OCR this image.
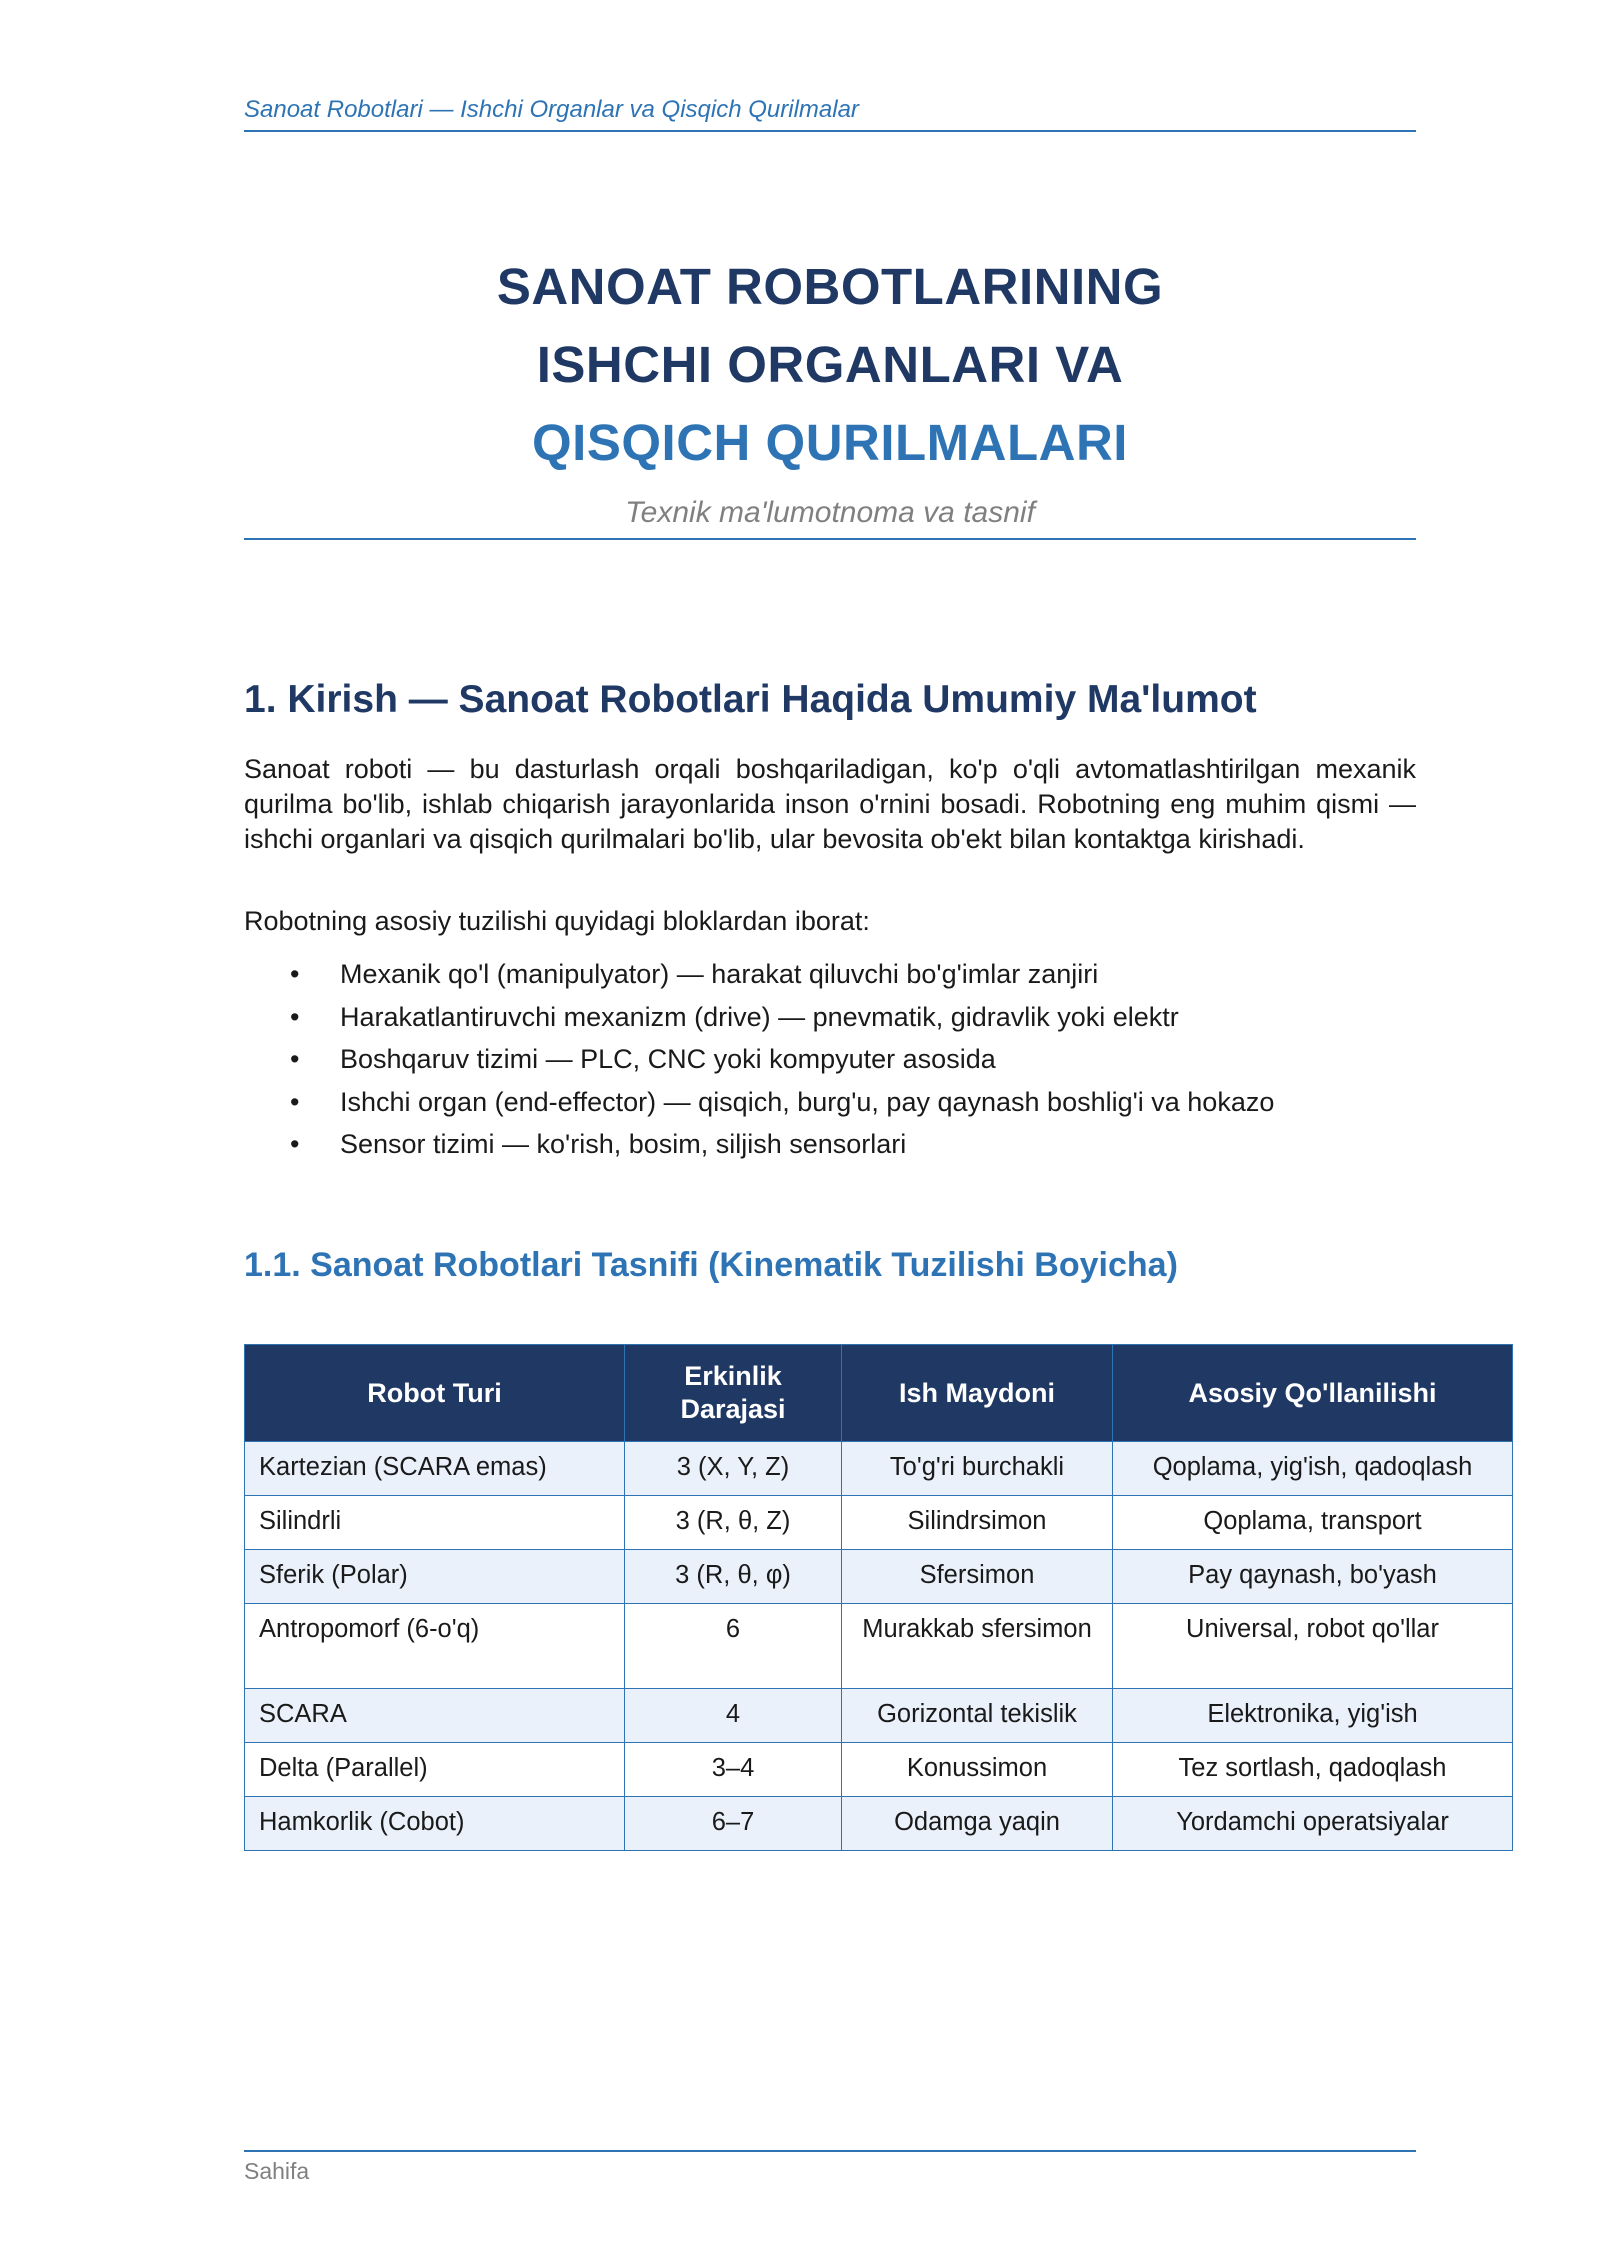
Sanoat Robotlari — Ishchi Organlar va Qisqich Qurilmalar
SANOAT ROBOTLARINING
ISHCHI ORGANLARI VA
QISQICH QURILMALARI
Texnik ma'lumotnoma va tasnif
1. Kirish — Sanoat Robotlari Haqida Umumiy Ma'lumot

Sanoat roboti — bu dasturlash orqali boshqariladigan, ko'p o'qli avtomatlashtirilgan mexanik qurilma bo'lib, ishlab chiqarish jarayonlarida inson o'rnini bosadi. Robotning eng muhim qismi — ishchi organlari va qisqich qurilmalari bo'lib, ular bevosita ob'ekt bilan kontaktga kirishadi.

Robotning asosiy tuzilishi quyidagi bloklardan iborat:

• Mexanik qo'l (manipulyator) — harakat qiluvchi bo'g'imlar zanjiri
• Harakatlantiruvchi mexanizm (drive) — pnevmatik, gidravlik yoki elektr
• Boshqaruv tizimi — PLC, CNC yoki kompyuter asosida
• Ishchi organ (end-effector) — qisqich, burg'u, pay qaynash boshlig'i va hokazo
• Sensor tizimi — ko'rish, bosim, siljish sensorlari
1.1. Sanoat Robotlari Tasnifi (Kinematik Tuzilishi Boyicha)
Robot Turi	Erkinlik Darajasi	Ish Maydoni	Asosiy Qo'llanilishi
Kartezian (SCARA emas)	3 (X, Y, Z)	To'g'ri burchakli	Qoplama, yig'ish, qadoqlash
Silindrli	3 (R, θ, Z)	Silindrsimon	Qoplama, transport
Sferik (Polar)	3 (R, θ, φ)	Sfersimon	Pay qaynash, bo'yash
Antropomorf (6-o'q)	6	Murakkab sfersimon	Universal, robot qo'llar
SCARA	4	Gorizontal tekislik	Elektronika, yig'ish
Delta (Parallel)	3–4	Konussimon	Tez sortlash, qadoqlash
Hamkorlik (Cobot)	6–7	Odamga yaqin	Yordamchi operatsiyalar
Sahifa
